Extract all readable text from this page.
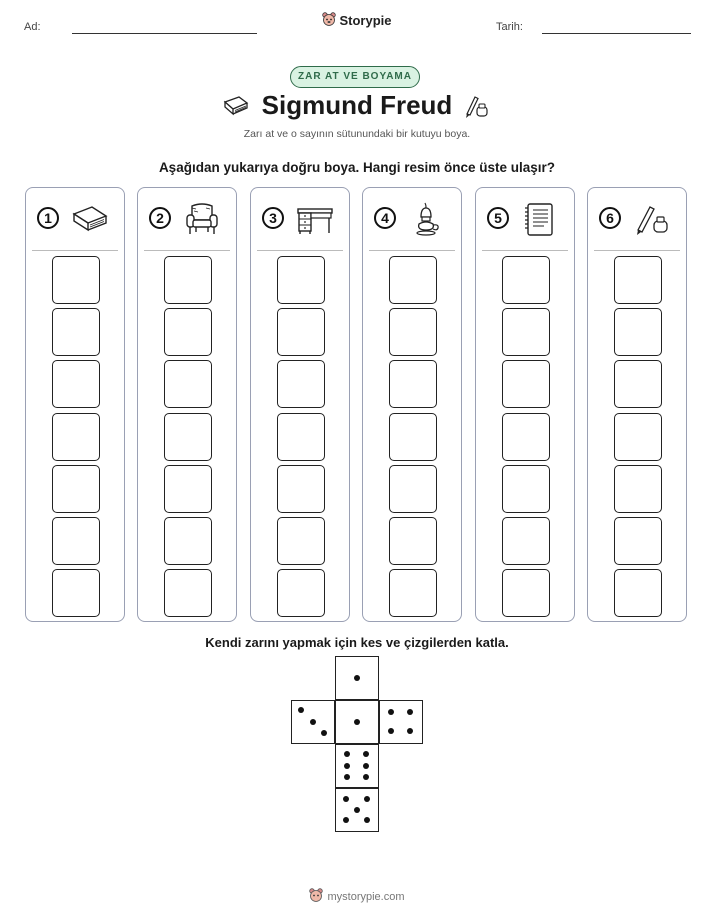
Ad:	Storypie	Tarih:
ZAR AT VE BOYAMA
Sigmund Freud
Zarı at ve o sayının sütunundaki bir kutuyu boya.
Aşağıdan yukarıya doğru boya. Hangi resim önce üste ulaşır?
1	2	3	4	5	6
Kendi zarını yapmak için kes ve çizgilerden katla.
mystorypie.com
